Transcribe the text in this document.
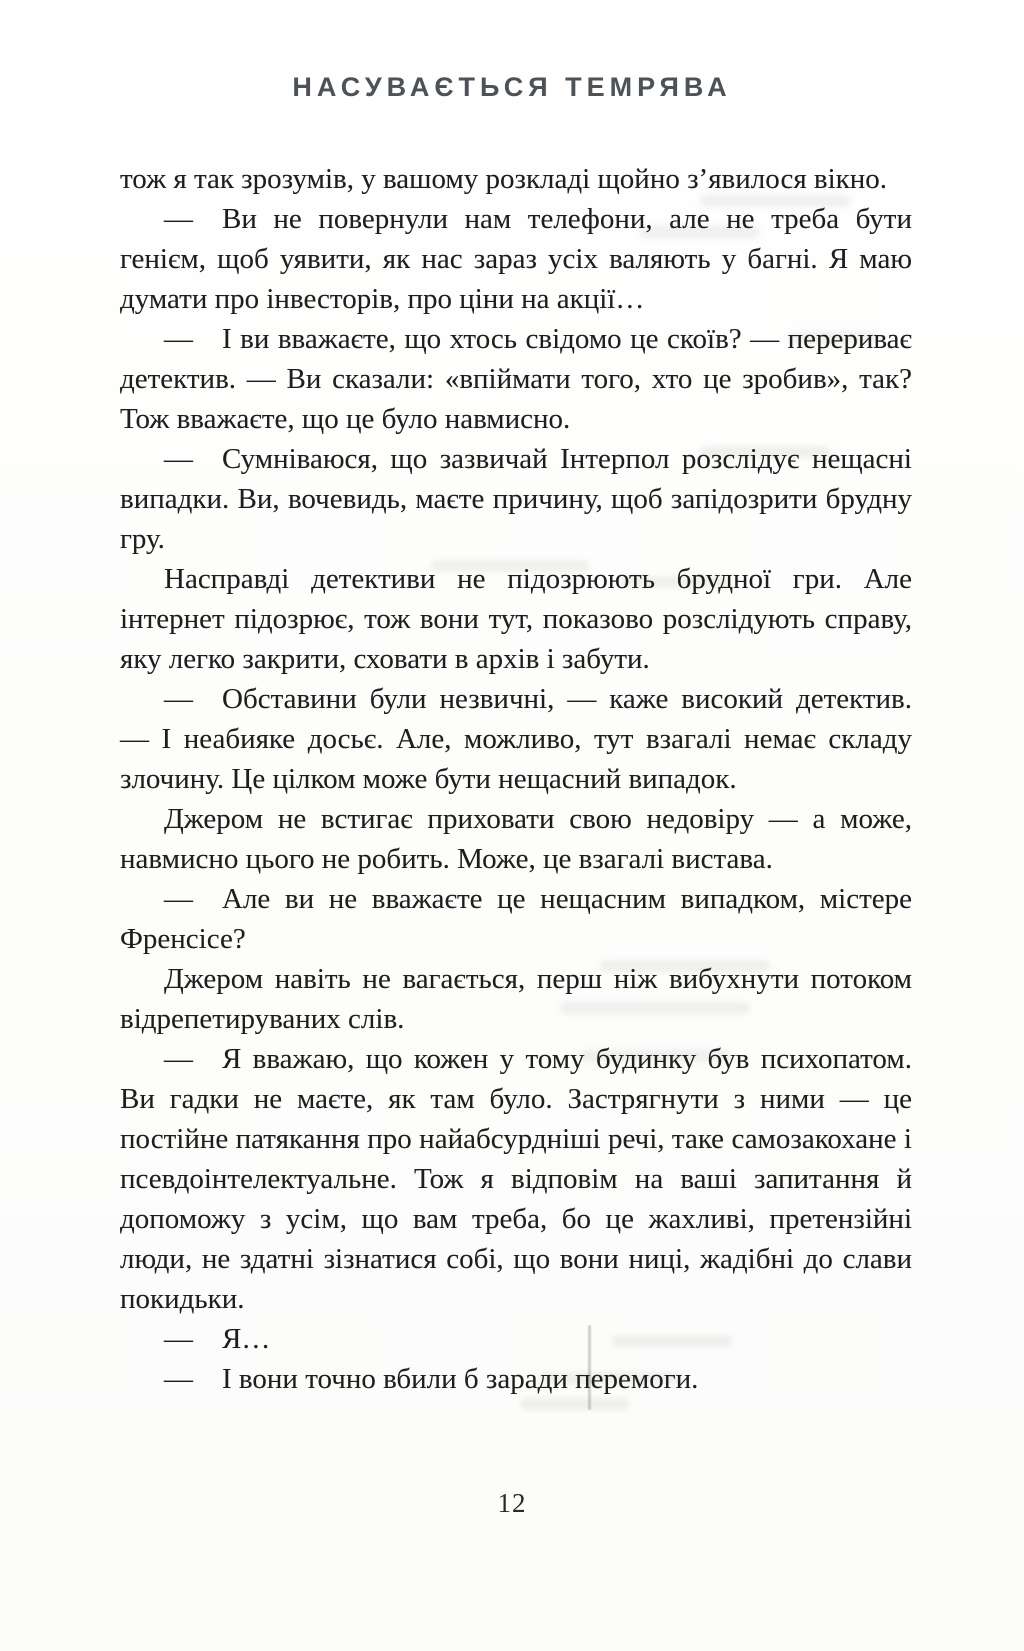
НАСУВАЄТЬСЯ ТЕМРЯВА

тож я так зрозумів, у вашому розкладі щойно з’явилося вікно.

— Ви не повернули нам телефони, але не треба бути генієм, щоб уявити, як нас зараз усіх валяють у багні. Я маю думати про інвесторів, про ціни на акції…

— І ви вважаєте, що хтось свідомо це скоїв? — перериває детектив. — Ви сказали: «впіймати того, хто це зробив», так? Тож вважаєте, що це було навмисно.

— Сумніваюся, що зазвичай Інтерпол розслідує нещасні випадки. Ви, вочевидь, маєте причину, щоб запідозрити брудну гру.

Насправді детективи не підозрюють брудної гри. Але інтернет підозрює, тож вони тут, показово розслідують справу, яку легко закрити, сховати в архів і забути.

— Обставини були незвичні, — каже високий детектив. — І неабияке досьє. Але, можливо, тут взагалі немає складу злочину. Це цілком може бути нещасний випадок.

Джером не встигає приховати свою недовіру — а може, навмисно цього не робить. Може, це взагалі вистава.

— Але ви не вважаєте це нещасним випадком, містере Френсісе?

Джером навіть не вагається, перш ніж вибухнути потоком відрепетируваних слів.

— Я вважаю, що кожен у тому будинку був психопатом. Ви гадки не маєте, як там було. Застрягнути з ними — це постійне патякання про найабсурдніші речі, таке самозакохане і псевдоінтелектуальне. Тож я відповім на ваші запитання й допоможу з усім, що вам треба, бо це жахливі, претензійні люди, не здатні зізнатися собі, що вони ниці, жадібні до слави покидьки.

— Я…

— І вони точно вбили б заради перемоги.

12
